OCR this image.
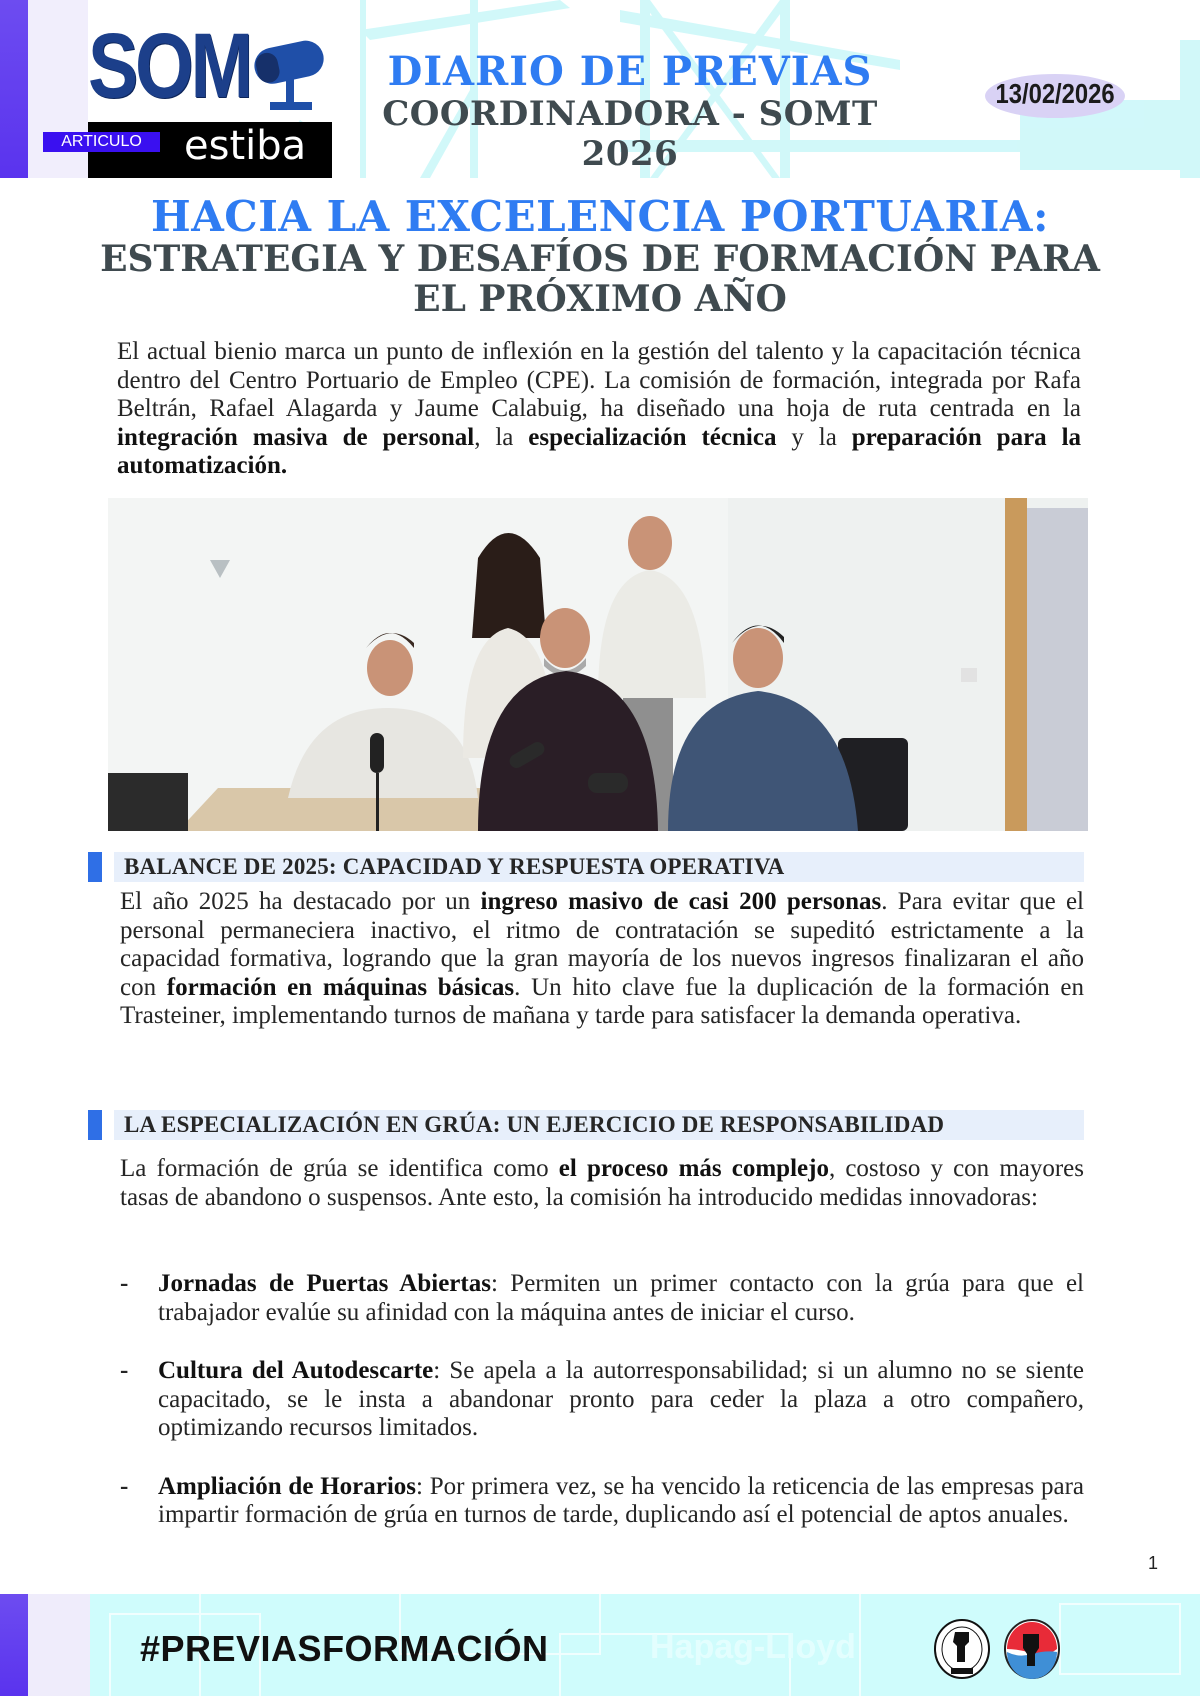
SOM
estiba
ARTICULO
DIARIO DE PREVIAS
COORDINADORA - SOMT 2026
13/02/2026
HACIA LA EXCELENCIA PORTUARIA:
ESTRATEGIA Y DESAFÍOS DE FORMACIÓN PARA
EL PRÓXIMO AÑO

El actual bienio marca un punto de inflexión en la gestión del talento y la capacitación técnica dentro del Centro Portuario de Empleo (CPE). La comisión de formación, integrada por Rafa Beltrán, Rafael Alagarda y Jaume Calabuig, ha diseñado una hoja de ruta centrada en la integración masiva de personal, la especialización técnica y la preparación para la automatización.

BALANCE DE 2025: CAPACIDAD Y RESPUESTA OPERATIVA

El año 2025 ha destacado por un ingreso masivo de casi 200 personas. Para evitar que el personal permaneciera inactivo, el ritmo de contratación se supeditó estrictamente a la capacidad formativa, logrando que la gran mayoría de los nuevos ingresos finalizaran el año con formación en máquinas básicas. Un hito clave fue la duplicación de la formación en Trasteiner, implementando turnos de mañana y tarde para satisfacer la demanda operativa.

LA ESPECIALIZACIÓN EN GRÚA: UN EJERCICIO DE RESPONSABILIDAD

La formación de grúa se identifica como el proceso más complejo, costoso y con mayores tasas de abandono o suspensos. Ante esto, la comisión ha introducido medidas innovadoras:

- Jornadas de Puertas Abiertas: Permiten un primer contacto con la grúa para que el trabajador evalúe su afinidad con la máquina antes de iniciar el curso.

- Cultura del Autodescarte: Se apela a la autorresponsabilidad; si un alumno no se siente capacitado, se le insta a abandonar pronto para ceder la plaza a otro compañero, optimizando recursos limitados.

- Ampliación de Horarios: Por primera vez, se ha vencido la reticencia de las empresas para impartir formación de grúa en turnos de tarde, duplicando así el potencial de aptos anuales.

1
#PREVIASFORMACIÓN	Hapag-Lloyd
